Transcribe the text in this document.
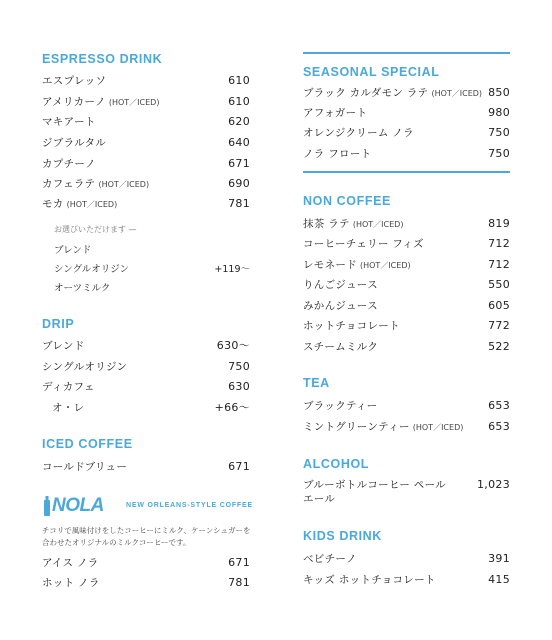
ESPRESSO DRINK
エスプレッソ	610
アメリカーノ (HOT／ICED)	610
マキアート	620
ジブラルタル	640
カプチーノ	671
カフェラテ (HOT／ICED)	690
モカ (HOT／ICED)	781
お選びいただけます —
ブレンド
シングルオリジン	+119〜
オーツミルク
DRIP
ブレンド	630〜
シングルオリジン	750
ディカフェ	630
オ・レ	+66〜
ICED COFFEE
コールドブリュー	671
NOLA	NEW ORLEANS-STYLE COFFEE
チコリで風味付けをしたコーヒーにミルク、ケーンシュガーを
合わせたオリジナルのミルクコーヒーです。
アイス ノラ	671
ホット ノラ	781
SEASONAL SPECIAL
ブラック カルダモン ラテ (HOT／ICED) 850
アフォガート	980
オレンジクリーム ノラ	750
ノラ フロート	750
NON COFFEE
抹茶 ラテ (HOT／ICED)	819
コーヒーチェリー フィズ	712
レモネード (HOT／ICED)	712
りんごジュース	550
みかんジュース	605
ホットチョコレート	772
スチームミルク	522
TEA
ブラックティー	653
ミントグリーンティー (HOT／ICED) 653
ALCOHOL
ブルーボトルコーヒー ペールエール
1,023
KIDS DRINK
ベビチーノ	391
キッズ ホットチョコレート	415
